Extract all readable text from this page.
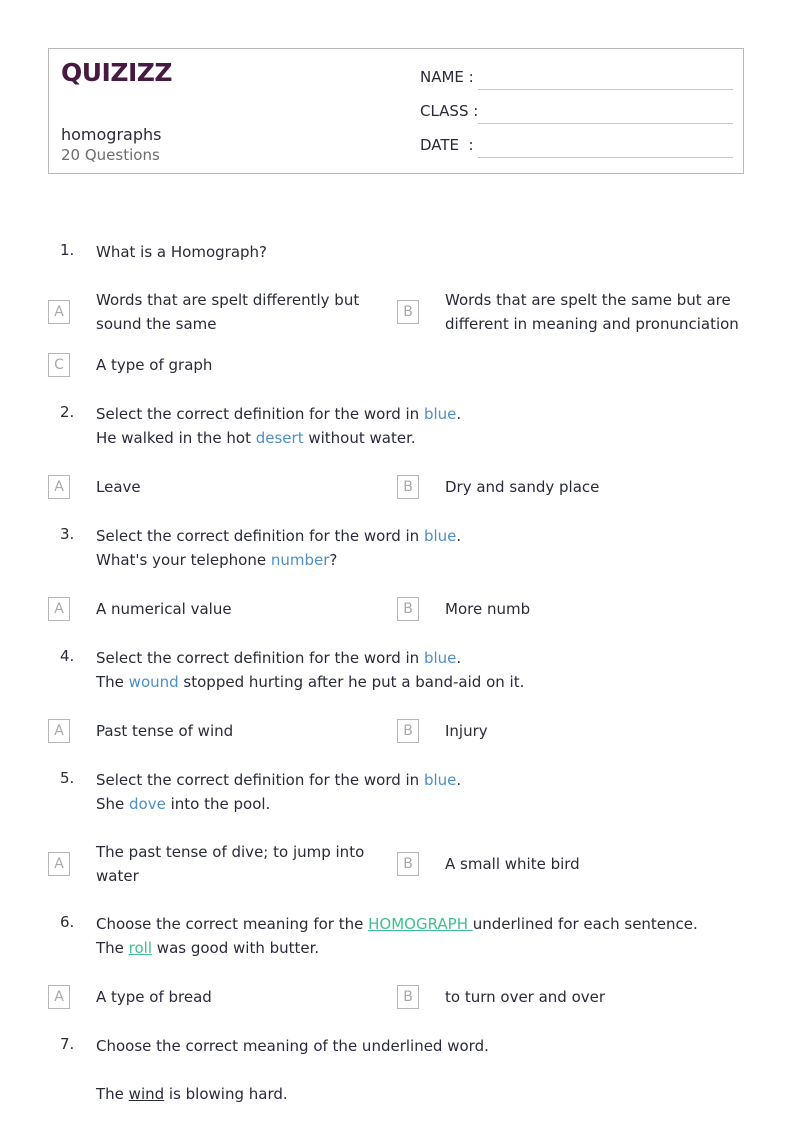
QUIZIZZ
homographs
20 Questions
NAME :
CLASS :
DATE  :
1. What is a Homograph?
A
Words that are spelt differently but sound the same
B
Words that are spelt the same but are different in meaning and pronunciation
C	A type of graph
2. Select the correct definition for the word in blue.
He walked in the hot desert without water.
A	Leave	B	Dry and sandy place
3. Select the correct definition for the word in blue.
What's your telephone number?
A	A numerical value	B	More numb
4. Select the correct definition for the word in blue.
The wound stopped hurting after he put a band-aid on it.
A	Past tense of wind	B	Injury
5. Select the correct definition for the word in blue.
She dove into the pool.
A
The past tense of dive; to jump into water
B	A small white bird
6. Choose the correct meaning for the HOMOGRAPH underlined for each sentence.
The roll was good with butter.
A	A type of bread	B	to turn over and over
7. Choose the correct meaning of the underlined word.
The wind is blowing hard.
